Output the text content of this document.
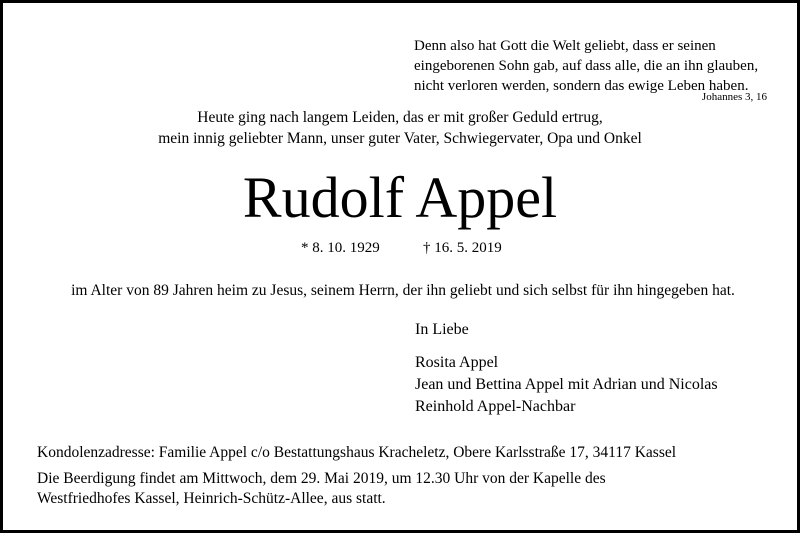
Denn also hat Gott die Welt geliebt, dass er seinen
eingeborenen Sohn gab, auf dass alle, die an ihn glauben,
nicht verloren werden, sondern das ewige Leben haben.
Johannes 3, 16
Heute ging nach langem Leiden, das er mit großer Geduld ertrug,
mein innig geliebter Mann, unser guter Vater, Schwiegervater, Opa und Onkel
Rudolf Appel
* 8. 10. 1929	† 16. 5. 2019
im Alter von 89 Jahren heim zu Jesus, seinem Herrn, der ihn geliebt und sich selbst für ihn hingegeben hat.
In Liebe
Rosita Appel
Jean und Bettina Appel mit Adrian und Nicolas
Reinhold Appel-Nachbar
Kondolenzadresse: Familie Appel c/o Bestattungshaus Kracheletz, Obere Karlsstraße 17, 34117 Kassel
Die Beerdigung findet am Mittwoch, dem 29. Mai 2019, um 12.30 Uhr von der Kapelle des
Westfriedhofes Kassel, Heinrich-Schütz-Allee, aus statt.
